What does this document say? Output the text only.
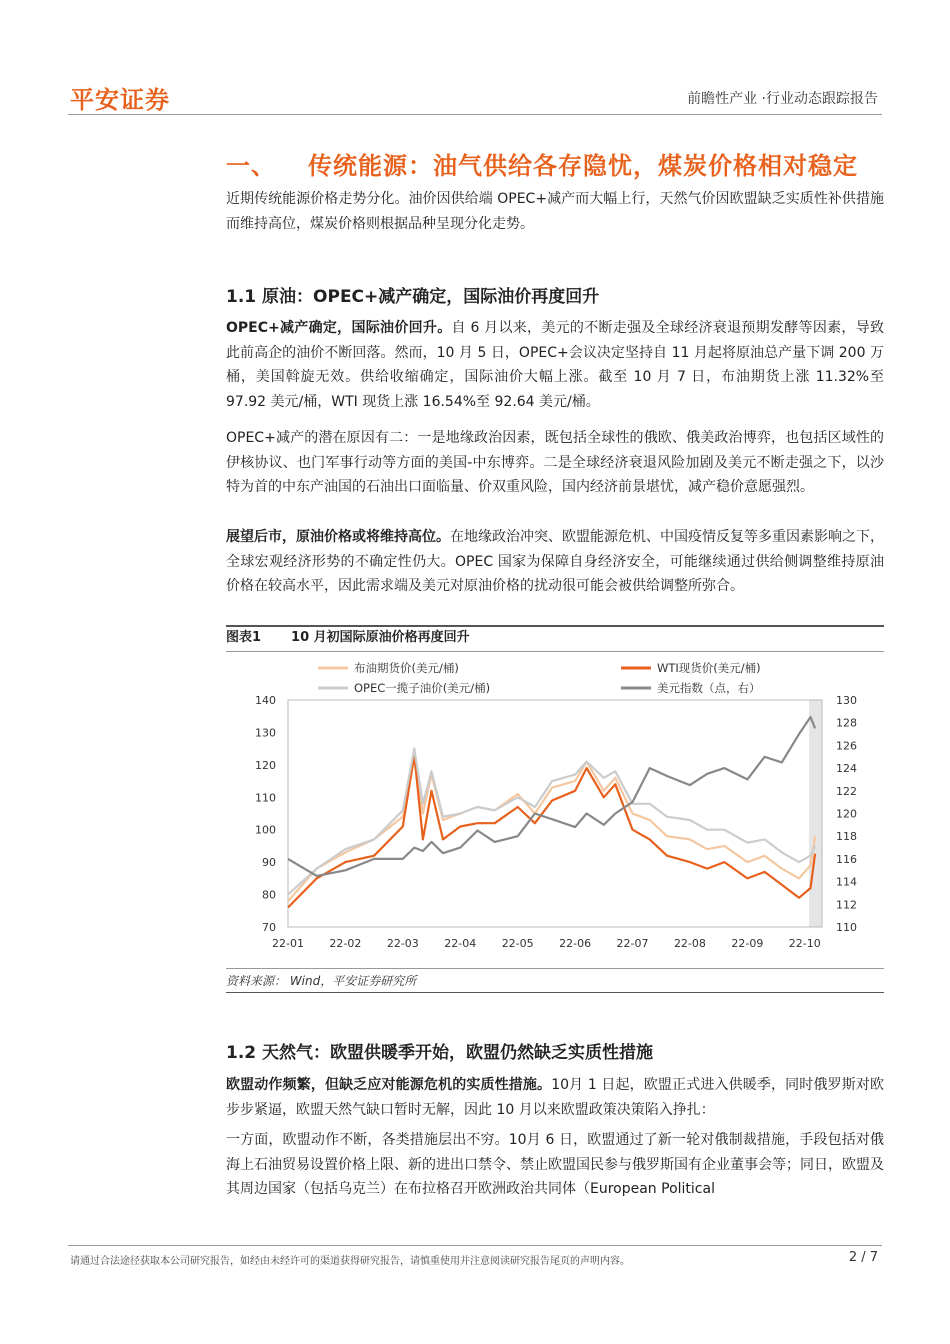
平安证券	前瞻性产业 ·行业动态跟踪报告
一、 传统能源：油气供给各存隐忧，煤炭价格相对稳定
近期传统能源价格走势分化。油价因供给端 OPEC+减产而大幅上行，天然气价因欧盟缺乏实质性补供措施而维持高位，煤炭价格则根据品种呈现分化走势。
1.1 原油：OPEC+减产确定，国际油价再度回升
OPEC+减产确定，国际油价回升。自 6 月以来，美元的不断走强及全球经济衰退预期发酵等因素，导致此前高企的油价不断回落。然而，10 月 5 日，OPEC+会议决定坚持自 11 月起将原油总产量下调 200 万桶，美国斡旋无效。供给收缩确定，国际油价大幅上涨。截至 10 月 7 日，布油期货上涨 11.32%至 97.92 美元/桶，WTI 现货上涨 16.54%至 92.64 美元/桶。
OPEC+减产的潜在原因有二：一是地缘政治因素，既包括全球性的俄欧、俄美政治博弈，也包括区域性的伊核协议、也门军事行动等方面的美国-中东博弈。二是全球经济衰退风险加剧及美元不断走强之下，以沙特为首的中东产油国的石油出口面临量、价双重风险，国内经济前景堪忧，减产稳价意愿强烈。
展望后市，原油价格或将维持高位。在地缘政治冲突、欧盟能源危机、中国疫情反复等多重因素影响之下，全球宏观经济形势的不确定性仍大。OPEC 国家为保障自身经济安全，可能继续通过供给侧调整维持原油价格在较高水平，因此需求端及美元对原油价格的扰动很可能会被供给调整所弥合。
图表1 10 月初国际原油价格再度回升
布油期货价(美元/桶)	WTI现货价(美元/桶)
OPEC一揽子油价(美元/桶)	美元指数（点，右）
70
80
90
100
110
120
130
140
110
112
114
116
118
120
122
124
126
128
130
22-01 22-02 22-03 22-04 22-05 22-06 22-07 22-08 22-09 22-10
资料来源： Wind，平安证券研究所
1.2 天然气：欧盟供暖季开始，欧盟仍然缺乏实质性措施
欧盟动作频繁，但缺乏应对能源危机的实质性措施。10月 1 日起，欧盟正式进入供暖季，同时俄罗斯对欧步步紧逼，欧盟天然气缺口暂时无解，因此 10 月以来欧盟政策决策陷入挣扎：
一方面，欧盟动作不断，各类措施层出不穷。10月 6 日，欧盟通过了新一轮对俄制裁措施，手段包括对俄海上石油贸易设置价格上限、新的进出口禁令、禁止欧盟国民参与俄罗斯国有企业董事会等；同日，欧盟及其周边国家（包括乌克兰）在布拉格召开欧洲政治共同体（European Political
请通过合法途径获取本公司研究报告，如经由未经许可的渠道获得研究报告，请慎重使用并注意阅读研究报告尾页的声明内容。	2 / 7
